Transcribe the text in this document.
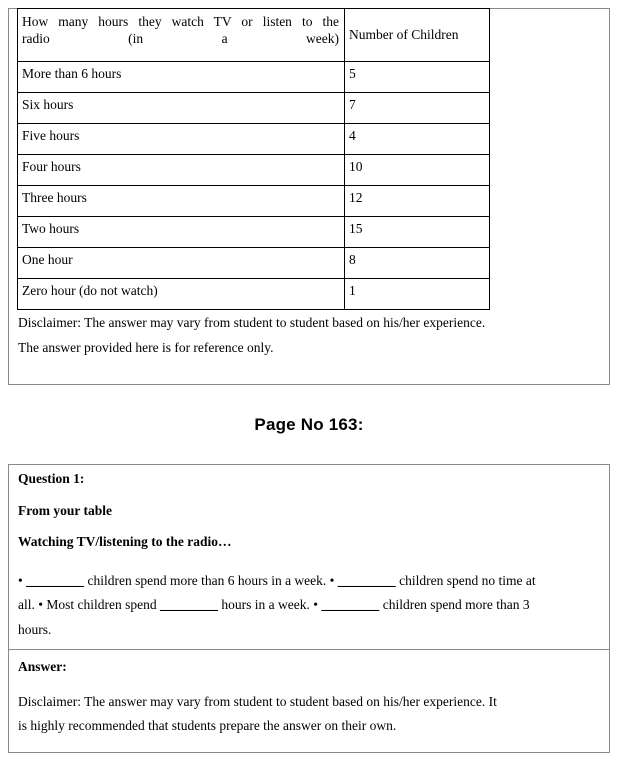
How many hours they watch TV or listen to the
radio (in a week)	Number of Children
More than 6 hours	5
Six hours	7
Five hours	4
Four hours	10
Three hours	12
Two hours	15
One hour	8
Zero hour (do not watch)	1
Disclaimer: The answer may vary from student to student based on his/her experience.
The answer provided here is for reference only.
Page No 163:
Question 1:
From your table
Watching TV/listening to the radio…
• ________ children spend more than 6 hours in a week. • ________ children spend no time at
all. • Most children spend ________ hours in a week. • ________ children spend more than 3
hours.
Answer:
Disclaimer: The answer may vary from student to student based on his/her experience. It
is highly recommended that students prepare the answer on their own.
